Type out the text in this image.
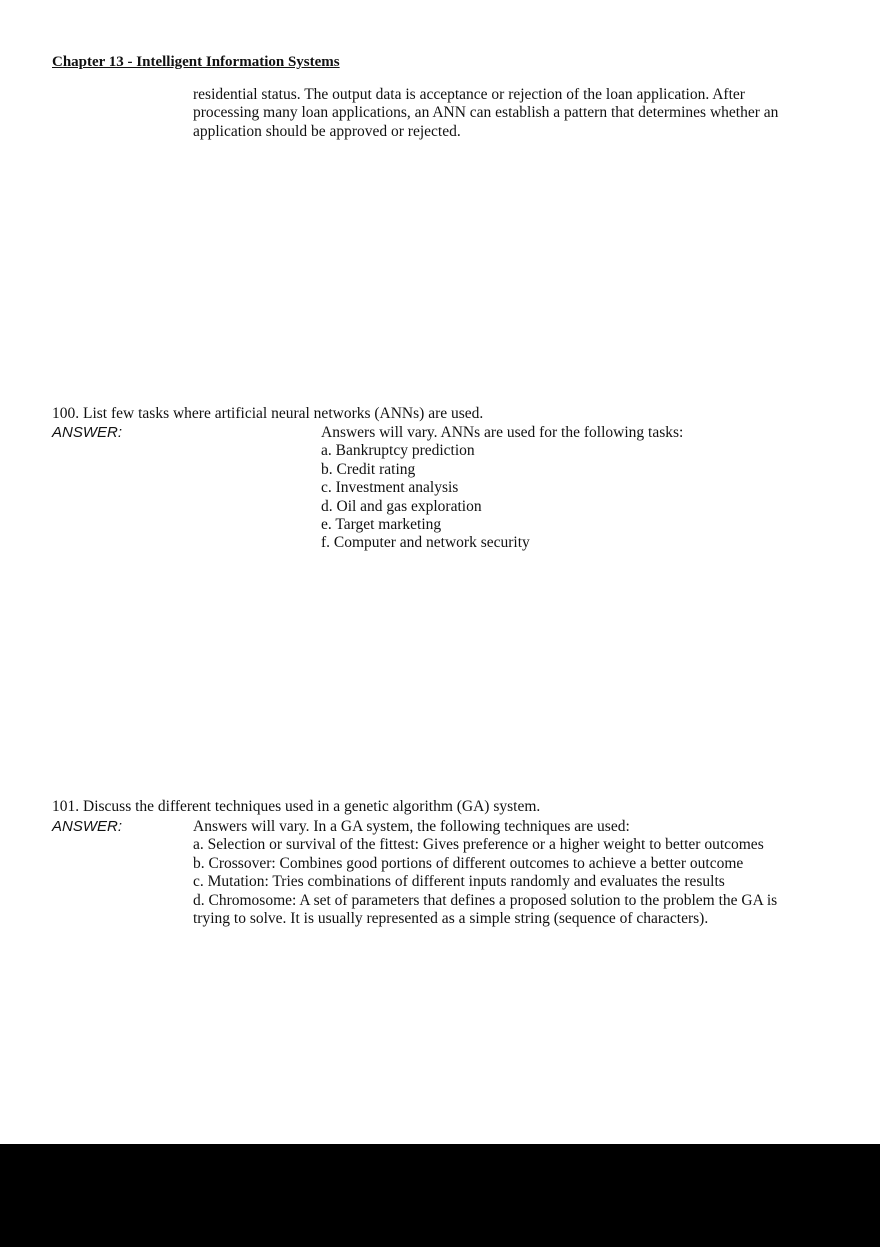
Chapter 13 - Intelligent Information Systems
residential status. The output data is acceptance or rejection of the loan application. After
processing many loan applications, an ANN can establish a pattern that determines whether an
application should be approved or rejected.
100. List few tasks where artificial neural networks (ANNs) are used.
ANSWER:	Answers will vary. ANNs are used for the following tasks:
a. Bankruptcy prediction
b. Credit rating
c. Investment analysis
d. Oil and gas exploration
e. Target marketing
f. Computer and network security
101. Discuss the different techniques used in a genetic algorithm (GA) system.
ANSWER:	Answers will vary. In a GA system, the following techniques are used:
a. Selection or survival of the fittest: Gives preference or a higher weight to better outcomes
b. Crossover: Combines good portions of different outcomes to achieve a better outcome
c. Mutation: Tries combinations of different inputs randomly and evaluates the results
d. Chromosome: A set of parameters that defines a proposed solution to the problem the GA is
trying to solve. It is usually represented as a simple string (sequence of characters).
